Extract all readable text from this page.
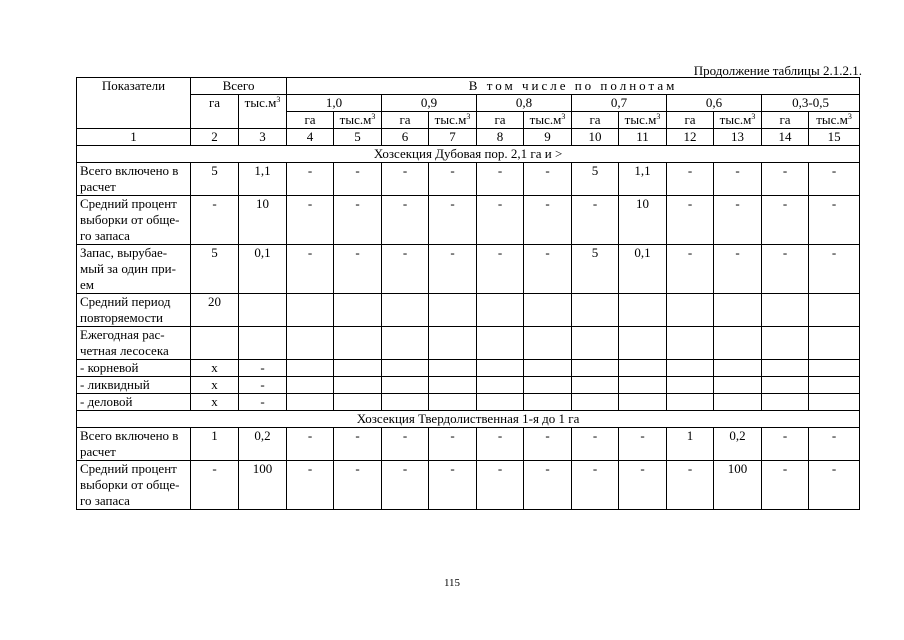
Продолжение таблицы 2.1.2.1.
Показатели	Всего		В том числе по полнотам											
	га	$тыс.м^3$	1,0		0,9		0,8		0,7		0,6		0,3-0,5	
			га	$тыс.м^3$	га	$тыс.м^3$	га	$тыс.м^3$	га	$тыс.м^3$	га	$тыс.м^3$	га	$тыс.м^3$
1	2	3	4	5	6	7	8	9	10	11	12	13	14	15
Хозсекция Дубовая пор. 2,1 га и >														
Всего включено в расчет	5	1,1	-	-	-	-	-	-	5	1,1	-	-	-	-
Средний процент выборки от обще-го запаса	-	10	-	-	-	-	-	-	-	10	-	-	-	-
Запас, вырубае-мый за один при-ем	5	0,1	-	-	-	-	-	-	5	0,1	-	-	-	-
Средний период повторяемости	20													
Ежегодная рас-четная лесосека														
- корневой	х	-												
- ликвидный	х	-												
- деловой	х	-												
Хозсекция Твердолиственная 1-я до 1 га														
Всего включено в расчет	1	0,2	-	-	-	-	-	-	-	-	1	0,2	-	-
Средний процент выборки от обще-го запаса	-	100	-	-	-	-	-	-	-	-	-	100	-	-
115
